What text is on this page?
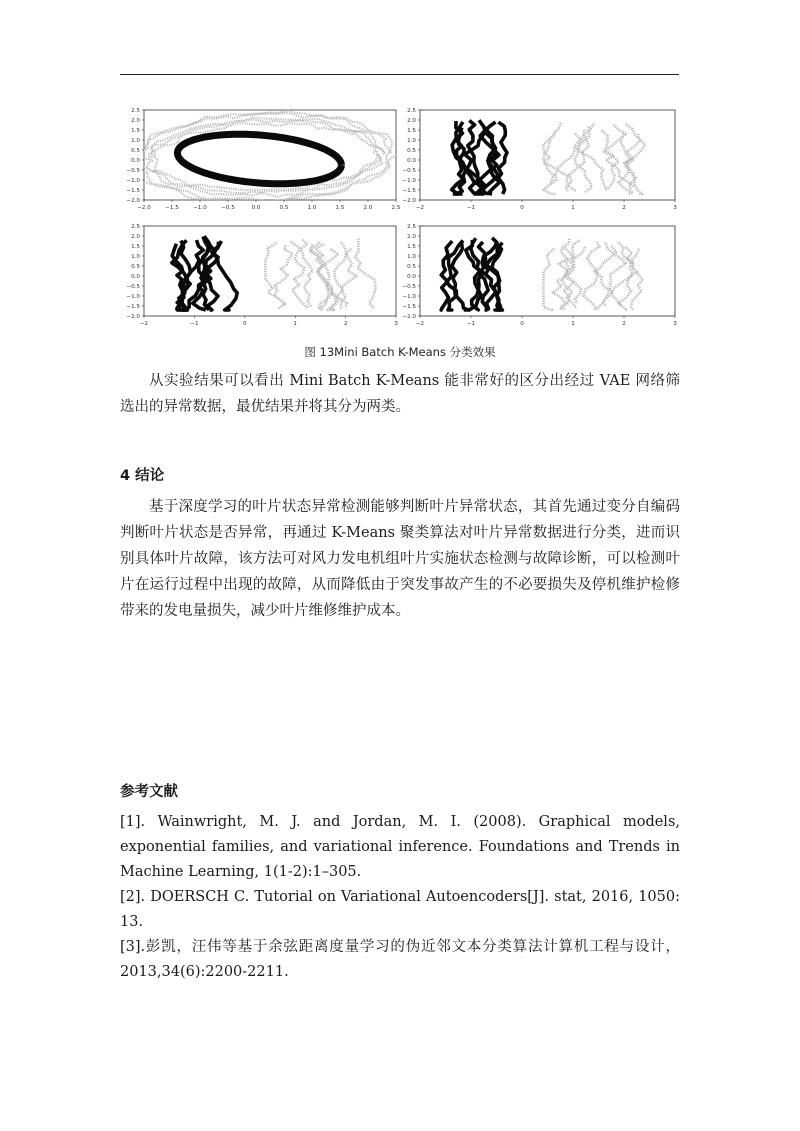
2.5
2.0
1.5
1.0
0.5
0.0
−0.5
−1.0
−1.5
−2.0
−2.0	−1.5	−1.0	−0.5	0.0	0.5	1.0	1.5	2.0	2.5
2.5
2.0
1.5
1.0
0.5
0.0
−0.5
−1.0
−1.5
−2.0
−2	−1	0	1	2	3
2.5
2.0
1.5
1.0
0.5
0.0
−0.5
−1.0
−1.5
−2.0
−2	−1	0	1	2	3
2.5
2.0
1.5
1.0
0.5
0.0
−0.5
−1.0
−1.5
−2.0
−2	−1	0	1	2	3
图 13Mini Batch K-Means 分类效果

从实验结果可以看出 Mini Batch K-Means 能非常好的区分出经过 VAE 网络筛选出的异常数据，最优结果并将其分为两类。

4 结论

基于深度学习的叶片状态异常检测能够判断叶片异常状态，其首先通过变分自编码判断叶片状态是否异常，再通过 K-Means 聚类算法对叶片异常数据进行分类，进而识别具体叶片故障，该方法可对风力发电机组叶片实施状态检测与故障诊断，可以检测叶片在运行过程中出现的故障，从而降低由于突发事故产生的不必要损失及停机维护检修带来的发电量损失，减少叶片维修维护成本。

参考文献
[1]. Wainwright, M. J. and Jordan, M. I. (2008). Graphical models, exponential families, and variational inference. Foundations and Trends in Machine Learning, 1(1-2):1–305.
[2]. DOERSCH C. Tutorial on Variational Autoencoders[J]. stat, 2016, 1050: 13.
[3].彭凯，汪伟等基于余弦距离度量学习的伪近邻文本分类算法计算机工程与设计，2013,34(6):2200-2211.
